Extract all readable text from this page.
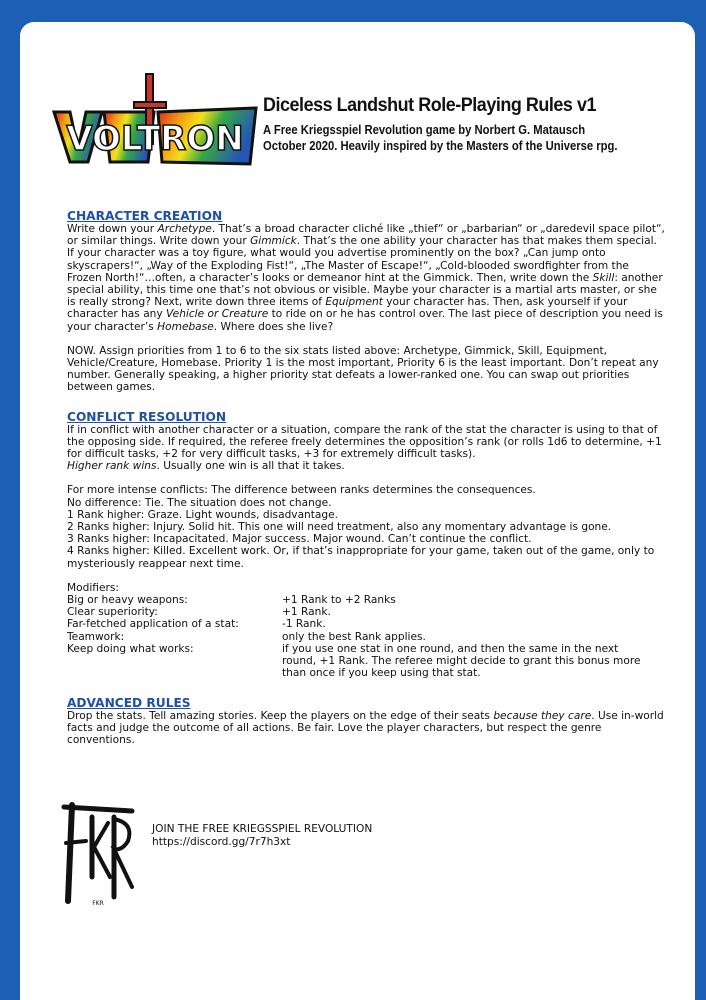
VOLTRON

Diceless Landshut Role-Playing Rules v1

A Free Kriegsspiel Revolution game by Norbert G. Matausch

October 2020. Heavily inspired by the Masters of the Universe rpg.

CHARACTER CREATION

Write down your Archetype. That’s a broad character cliché like „thief“ or „barbarian“ or „daredevil space pilot“, or similar things. Write down your Gimmick. That’s the one ability your character has that makes them special. If your character was a toy figure, what would you advertise prominently on the box? „Can jump onto skyscrapers!“, „Way of the Exploding Fist!“, „The Master of Escape!“, „Cold-blooded swordfighter from the Frozen North!“…often, a character’s looks or demeanor hint at the Gimmick. Then, write down the Skill: another special ability, this time one that’s not obvious or visible. Maybe your character is a martial arts master, or she is really strong? Next, write down three items of Equipment your character has. Then, ask yourself if your character has any Vehicle or Creature to ride on or he has control over. The last piece of description you need is your character’s Homebase. Where does she live?

NOW. Assign priorities from 1 to 6 to the six stats listed above: Archetype, Gimmick, Skill, Equipment, Vehicle/Creature, Homebase. Priority 1 is the most important, Priority 6 is the least important. Don’t repeat any number. Generally speaking, a higher priority stat defeats a lower-ranked one. You can swap out priorities between games.

CONFLICT RESOLUTION

If in conflict with another character or a situation, compare the rank of the stat the character is using to that of the opposing side. If required, the referee freely determines the opposition’s rank (or rolls 1d6 to determine, +1 for difficult tasks, +2 for very difficult tasks, +3 for extremely difficult tasks).
Higher rank wins. Usually one win is all that it takes.

For more intense conflicts: The difference between ranks determines the consequences.

No difference: Tie. The situation does not change.

1 Rank higher: Graze. Light wounds, disadvantage.

2 Ranks higher: Injury. Solid hit. This one will need treatment, also any momentary advantage is gone.

3 Ranks higher: Incapacitated. Major success. Major wound. Can’t continue the conflict.

4 Ranks higher: Killed. Excellent work. Or, if that’s inappropriate for your game, taken out of the game, only to mysteriously reappear next time.

Modifiers:

Big or heavy weapons:	+1 Rank to +2 Ranks
Clear superiority:	+1 Rank.
Far-fetched application of a stat:	-1 Rank.
Teamwork:	only the best Rank applies.
Keep doing what works:	if you use one stat in one round, and then the same in the next round, +1 Rank. The referee might decide to grant this bonus more than once if you keep using that stat.
ADVANCED RULES

Drop the stats. Tell amazing stories. Keep the players on the edge of their seats because they care. Use in-world facts and judge the outcome of all actions. Be fair. Love the player characters, but respect the genre conventions.

FKR
JOIN THE FREE KRIEGSSPIEL REVOLUTION
https://discord.gg/7r7h3xt
